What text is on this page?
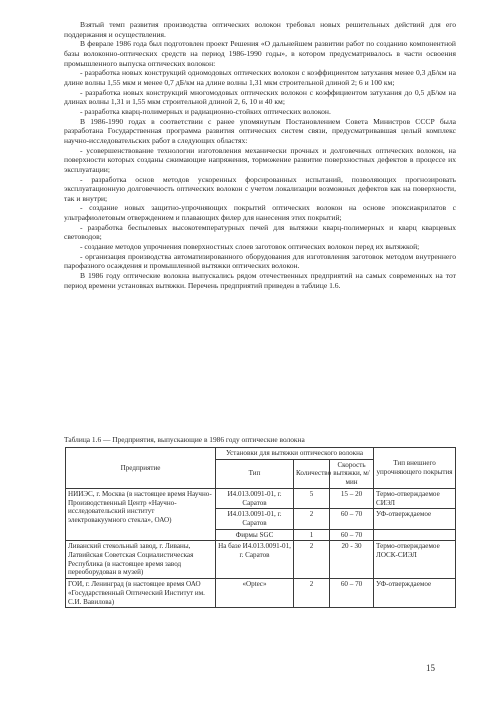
Взятый темп развития производства оптических волокон требовал новых решительных действий для его поддержания и осуществления.

В феврале 1986 года был подготовлен проект Решения «О дальнейшем развитии работ по созданию компонентной базы волоконно-оптических средств на период 1986-1990 годы», в котором предусматривалось в части освоения промышленного выпуска оптических волокон:

- разработка новых конструкций одномодовых оптических волокон с коэффициентом затухания менее 0,3 дБ/км на длине волны 1,55 мкм и менее 0,7 дБ/км на длине волны 1,31 мкм строительной длиной 2; 6 и 100 км;

- разработка новых конструкций многомодовых оптических волокон с коэффициентом затухания до 0,5 дБ/км на длинах волны 1,31 и 1,55 мкм строительной длиной 2, 6, 10 и 40 км;

- разработка кварц-полимерных и радиационно-стойких оптических волокон.

В 1986-1990 годах в соответствии с ранее упомянутым Постановлением Совета Министров СССР была разработана Государственная программа развития оптических систем связи, предусматривавшая целый комплекс научно-исследовательских работ в следующих областях:

- усовершенствование технологии изготовления механически прочных и долговечных оптических волокон, на поверхности которых созданы сжимающие напряжения, торможение развитие поверхностных дефектов в процессе их эксплуатации;

- разработка основ методов ускоренных форсированных испытаний, позволяющих прогнозировать эксплуатационную долговечность оптических волокон с учетом локализации возможных дефектов как на поверхности, так и внутри;

- создание новых защитно-упрочняющих покрытий оптических волокон на основе эпоксиакрилатов с ультрафиолетовым отверждением и плавающих филер для нанесения этих покрытий;

- разработка беспылевых высокотемпературных печей для вытяжки кварц-полимерных и кварц кварцевых световодов;

- создание методов упрочнения поверхностных слоев заготовок оптических волокон перед их вытяжкой;

- организация производства автоматизированного оборудования для изготовления заготовок методом внутреннего парофазного осаждения и промышленной вытяжки оптических волокон.

В 1986 году оптические волокна выпускались рядом отечественных предприятий на самых современных на тот период времени установках вытяжки. Перечень предприятий приведен в таблице 1.6.

Таблица 1.6 — Предприятия, выпускающие в 1986 году оптические волокна
Предприятие	Установки для вытяжки оптического волокна			Тип внешнего упрочняющего покрытия
	Тип	Количество	Скорость вытяжки, м/мин	
НИИЭС, г. Москва (в настоящее время Научно-Производственный Центр «Научно-исследовательский институт электровакуумного стекла», ОАО)	И4.013.0091-01, г. Саратов	5	15 – 20	Термо-отверждаемое СИЭЛ
	И4.013.0091-01, г. Саратов	2	60 – 70	УФ-отверждаемое
	Фирмы SGC	1	60 – 70	
Ливанский стекольный завод, г. Ливаны, Латвийская Советская Социалистическая Республика (в настоящее время завод переоборудован в музей)	На базе И4.013.0091-01, г. Саратов	2	20 - 30	Термо-отверждаемое ЛОСК-СИЭЛ
ГОИ, г. Ленинград (в настоящее время ОАО «Государственный Оптический Институт им. С.И. Вавилова)	«Optec»	2	60 – 70	УФ-отверждаемое
15
